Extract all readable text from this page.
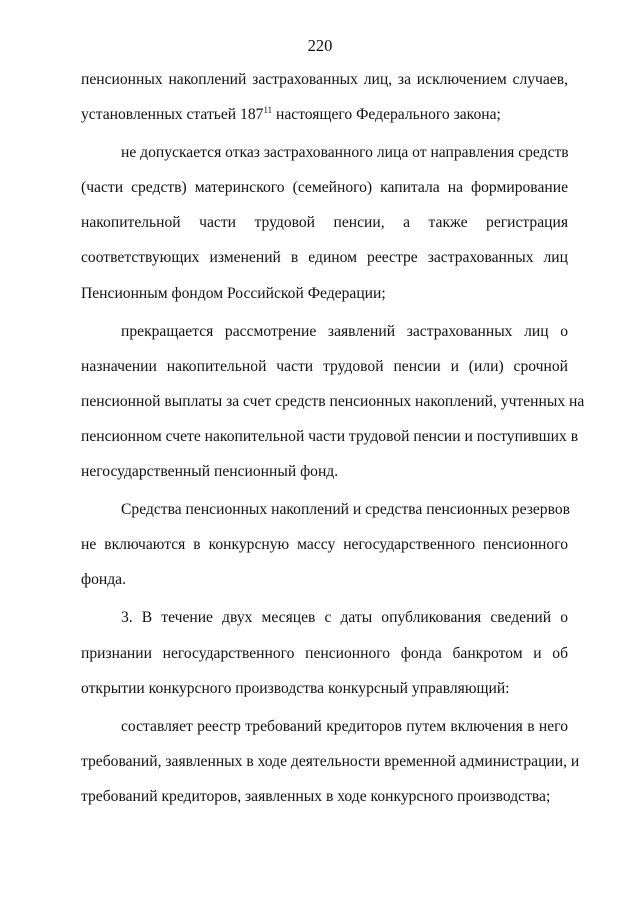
220

пенсионных накоплений застрахованных лиц, за исключением случаев,
установленных статьей $187^{11}$ настоящего Федерального закона;

не допускается отказ застрахованного лица от направления средств
(части средств) материнского (семейного) капитала на формирование
накопительной части трудовой пенсии, а также регистрация
соответствующих изменений в едином реестре застрахованных лиц
Пенсионным фондом Российской Федерации;

прекращается рассмотрение заявлений застрахованных лиц о
назначении накопительной части трудовой пенсии и (или) срочной
пенсионной выплаты за счет средств пенсионных накоплений, учтенных на
пенсионном счете накопительной части трудовой пенсии и поступивших в
негосударственный пенсионный фонд.

Средства пенсионных накоплений и средства пенсионных резервов
не включаются в конкурсную массу негосударственного пенсионного
фонда.

3. В течение двух месяцев с даты опубликования сведений о
признании негосударственного пенсионного фонда банкротом и об
открытии конкурсного производства конкурсный управляющий:

составляет реестр требований кредиторов путем включения в него
требований, заявленных в ходе деятельности временной администрации, и
требований кредиторов, заявленных в ходе конкурсного производства;
